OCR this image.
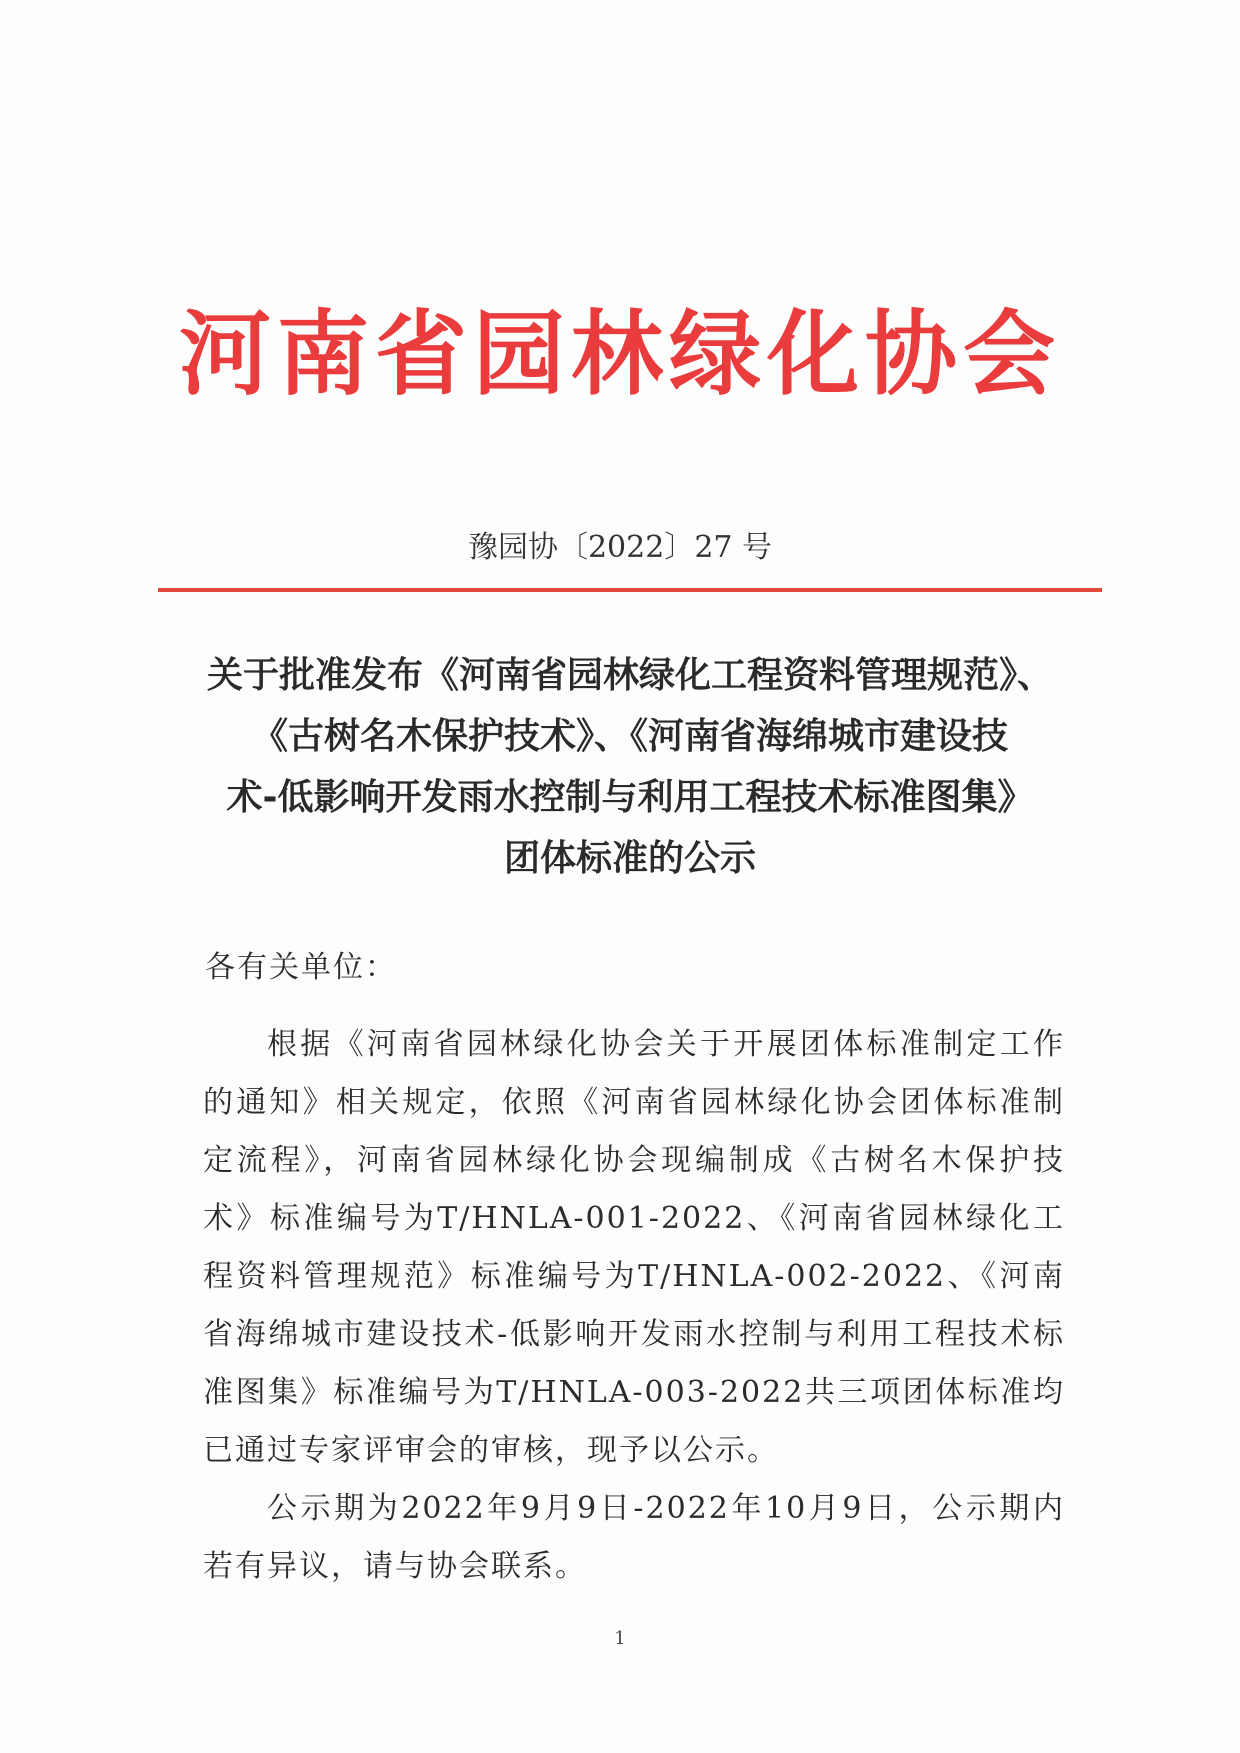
河南省园林绿化协会
豫园协〔2022〕27 号
关于批准发布《河南省园林绿化工程资料管理规范》、
《古树名木保护技术》、《河南省海绵城市建设技
术-低影响开发雨水控制与利用工程技术标准图集》
团体标准的公示
各有关单位：

根据《河南省园林绿化协会关于开展团体标准制定工作的通知》相关规定，依照《河南省园林绿化协会团体标准制定流程》，河南省园林绿化协会现编制成《古树名木保护技术》标准编号为T/HNLA-001-2022、《河南省园林绿化工程资料管理规范》标准编号为T/HNLA-002-2022、《河南省海绵城市建设技术-低影响开发雨水控制与利用工程技术标准图集》标准编号为T/HNLA-003-2022共三项团体标准均已通过专家评审会的审核，现予以公示。

公示期为2022年9月9日-2022年10月9日，公示期内若有异议，请与协会联系。

1
